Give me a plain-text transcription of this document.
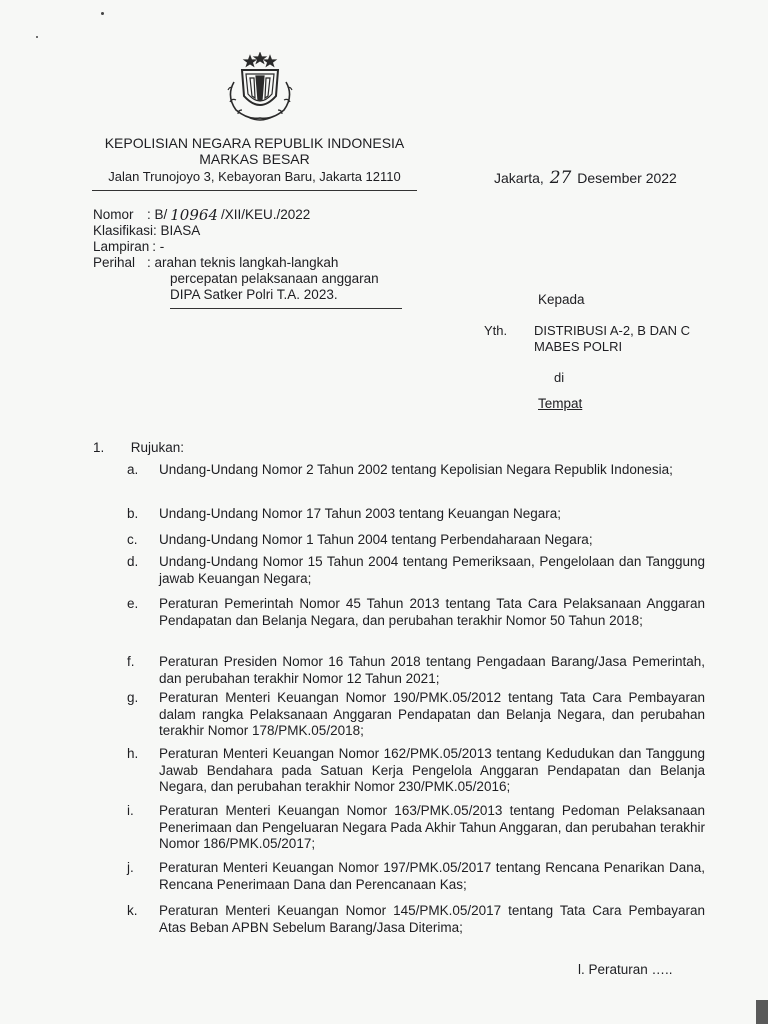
KEPOLISIAN NEGARA REPUBLIK INDONESIA
MARKAS BESAR
Jalan Trunojoyo 3, Kebayoran Baru, Jakarta 12110	Jakarta, 27 Desember 2022
Nomor : B/ 10964 /XII/KEU./2022
Klasifikasi : BIASA
Lampiran : -
Perihal : arahan teknis langkah-langkah
percepatan pelaksanaan anggaran
DIPA Satker Polri T.A. 2023.	Kepada
Yth.	DISTRIBUSI A-2, B DAN C
MABES POLRI
di
Tempat
1. Rujukan:
a.	Undang-Undang Nomor 2 Tahun 2002 tentang Kepolisian Negara Republik Indonesia;
b.	Undang-Undang Nomor 17 Tahun 2003 tentang Keuangan Negara;
c.	Undang-Undang Nomor 1 Tahun 2004 tentang Perbendaharaan Negara;
d.	Undang-Undang Nomor 15 Tahun 2004 tentang Pemeriksaan, Pengelolaan dan Tanggung jawab Keuangan Negara;
e.	Peraturan Pemerintah Nomor 45 Tahun 2013 tentang Tata Cara Pelaksanaan Anggaran Pendapatan dan Belanja Negara, dan perubahan terakhir Nomor 50 Tahun 2018;
f.	Peraturan Presiden Nomor 16 Tahun 2018 tentang Pengadaan Barang/Jasa Pemerintah, dan perubahan terakhir Nomor 12 Tahun 2021;
g.	Peraturan Menteri Keuangan Nomor 190/PMK.05/2012 tentang Tata Cara Pembayaran dalam rangka Pelaksanaan Anggaran Pendapatan dan Belanja Negara, dan perubahan terakhir Nomor 178/PMK.05/2018;
h.	Peraturan Menteri Keuangan Nomor 162/PMK.05/2013 tentang Kedudukan dan Tanggung Jawab Bendahara pada Satuan Kerja Pengelola Anggaran Pendapatan dan Belanja Negara, dan perubahan terakhir Nomor 230/PMK.05/2016;
i.	Peraturan Menteri Keuangan Nomor 163/PMK.05/2013 tentang Pedoman Pelaksanaan Penerimaan dan Pengeluaran Negara Pada Akhir Tahun Anggaran, dan perubahan terakhir Nomor 186/PMK.05/2017;
j.	Peraturan Menteri Keuangan Nomor 197/PMK.05/2017 tentang Rencana Penarikan Dana, Rencana Penerimaan Dana dan Perencanaan Kas;
k.	Peraturan Menteri Keuangan Nomor 145/PMK.05/2017 tentang Tata Cara Pembayaran Atas Beban APBN Sebelum Barang/Jasa Diterima;
l. Peraturan …..
